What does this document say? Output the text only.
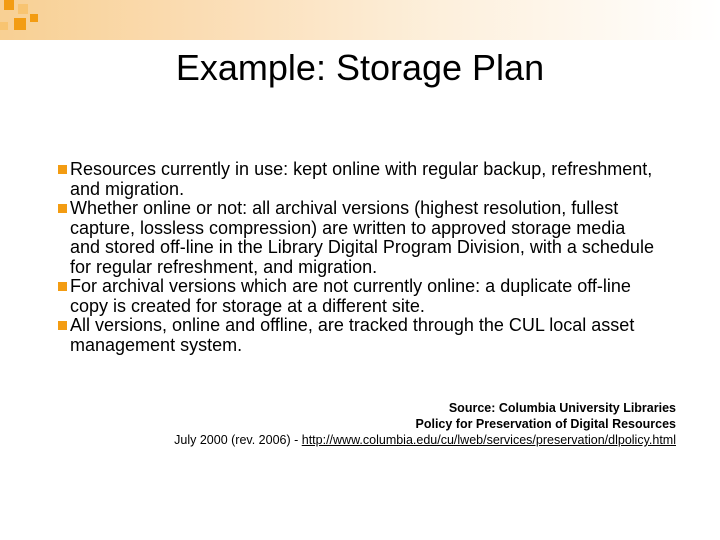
Example: Storage Plan
Resources currently in use: kept online with regular backup, refreshment, and migration.
Whether online or not: all archival versions (highest resolution, fullest capture, lossless compression) are written to approved storage media and stored off-line in the Library Digital Program Division, with a schedule for regular refreshment, and migration.
For archival versions which are not currently online: a duplicate off-line copy is created for storage at a different site.
All versions, online and offline, are tracked through the CUL local asset management system.
Source: Columbia University Libraries
Policy for Preservation of Digital Resources
July 2000 (rev. 2006) - http://www.columbia.edu/cu/lweb/services/preservation/dlpolicy.html
